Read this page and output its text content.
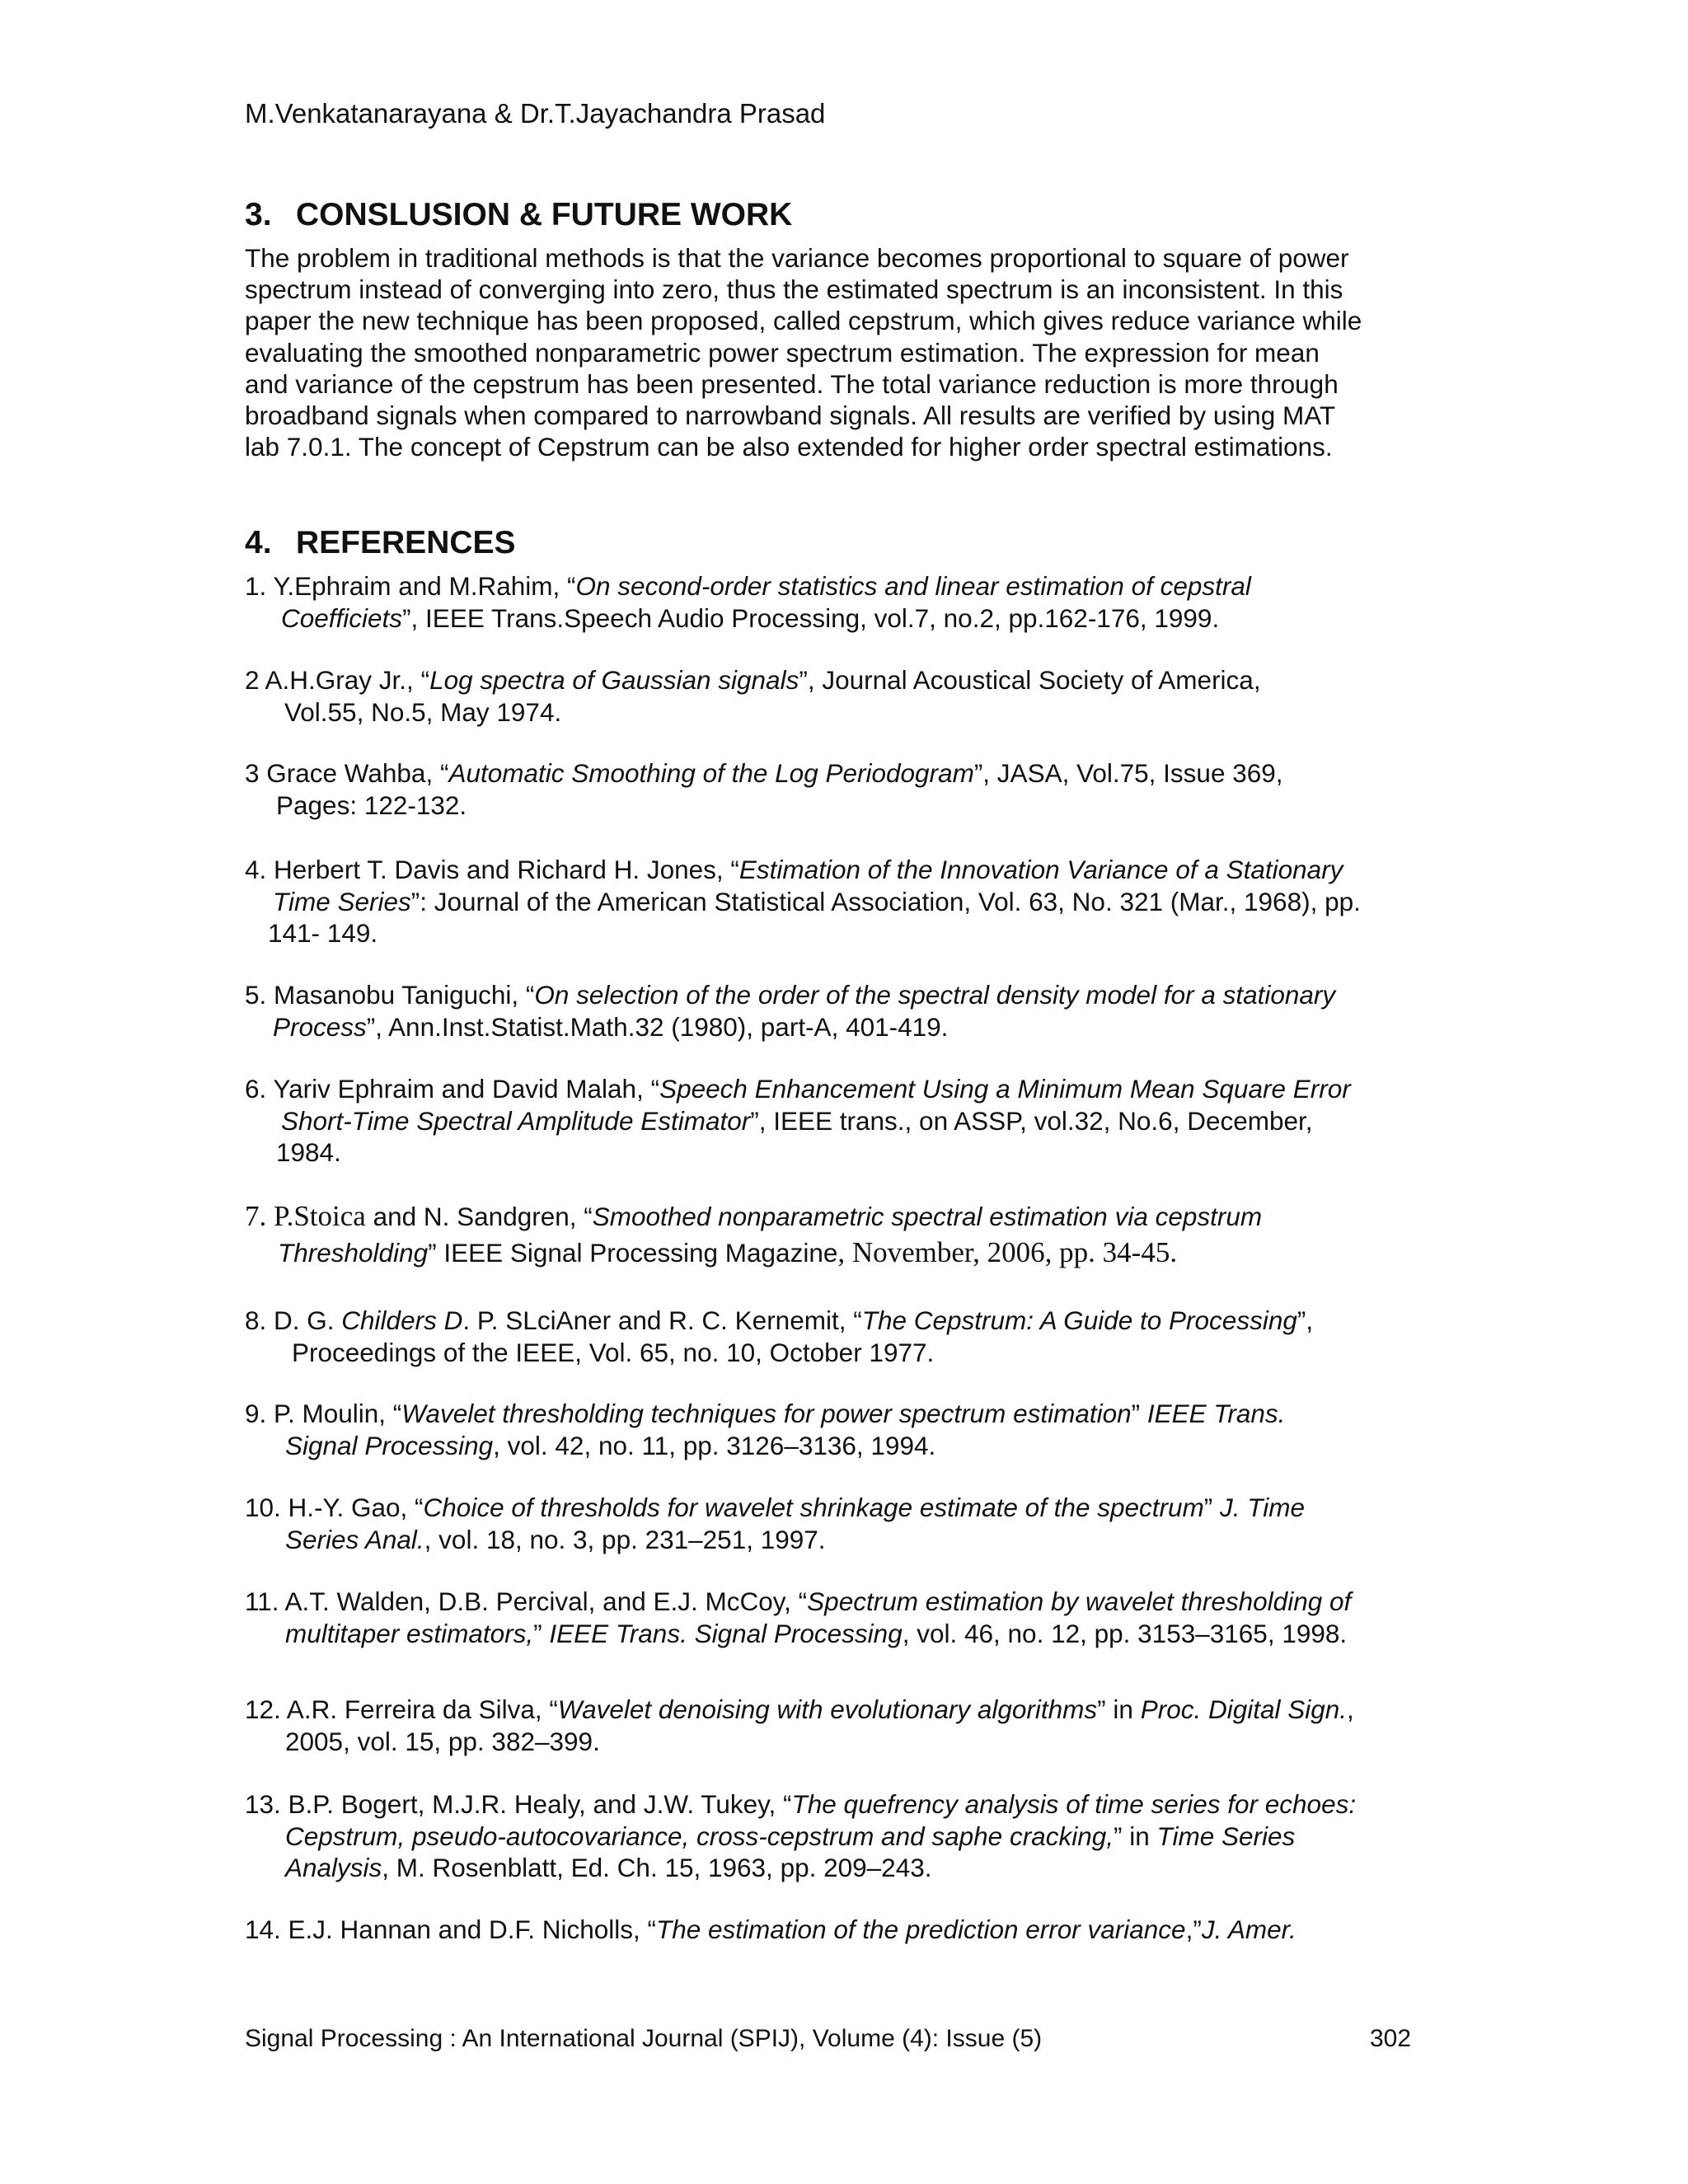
M.Venkatanarayana & Dr.T.Jayachandra Prasad
3. CONSLUSION & FUTURE WORK
The problem in traditional methods is that the variance becomes proportional to square of power
spectrum instead of converging into zero, thus the estimated spectrum is an inconsistent. In this
paper the new technique has been proposed, called cepstrum, which gives reduce variance while
evaluating the smoothed nonparametric power spectrum estimation. The expression for mean
and variance of the cepstrum has been presented. The total variance reduction is more through
broadband signals when compared to narrowband signals. All results are verified by using MAT
lab 7.0.1. The concept of Cepstrum can be also extended for higher order spectral estimations.
4. REFERENCES
1. Y.Ephraim and M.Rahim, “On second-order statistics and linear estimation of cepstral
Coefficiets”, IEEE Trans.Speech Audio Processing, vol.7, no.2, pp.162-176, 1999.
2 A.H.Gray Jr., “Log spectra of Gaussian signals”, Journal Acoustical Society of America,
Vol.55, No.5, May 1974.
3 Grace Wahba, “Automatic Smoothing of the Log Periodogram”, JASA, Vol.75, Issue 369,
Pages: 122-132.
4. Herbert T. Davis and Richard H. Jones, “Estimation of the Innovation Variance of a Stationary
Time Series”: Journal of the American Statistical Association, Vol. 63, No. 321 (Mar., 1968), pp.
141- 149.
5. Masanobu Taniguchi, “On selection of the order of the spectral density model for a stationary
Process”, Ann.Inst.Statist.Math.32 (1980), part-A, 401-419.
6. Yariv Ephraim and David Malah, “Speech Enhancement Using a Minimum Mean Square Error
Short-Time Spectral Amplitude Estimator”, IEEE trans., on ASSP, vol.32, No.6, December,
1984.
7. P.Stoica and N. Sandgren, “Smoothed nonparametric spectral estimation via cepstrum
Thresholding” IEEE Signal Processing Magazine, November, 2006, pp. 34-45.
8. D. G. Childers D. P. SLciAner and R. C. Kernemit, “The Cepstrum: A Guide to Processing”,
Proceedings of the IEEE, Vol. 65, no. 10, October 1977.
9. P. Moulin, “Wavelet thresholding techniques for power spectrum estimation” IEEE Trans.
Signal Processing, vol. 42, no. 11, pp. 3126–3136, 1994.
10. H.-Y. Gao, “Choice of thresholds for wavelet shrinkage estimate of the spectrum” J. Time
Series Anal., vol. 18, no. 3, pp. 231–251, 1997.
11. A.T. Walden, D.B. Percival, and E.J. McCoy, “Spectrum estimation by wavelet thresholding of
multitaper estimators,” IEEE Trans. Signal Processing, vol. 46, no. 12, pp. 3153–3165, 1998.
12. A.R. Ferreira da Silva, “Wavelet denoising with evolutionary algorithms” in Proc. Digital Sign.,
2005, vol. 15, pp. 382–399.
13. B.P. Bogert, M.J.R. Healy, and J.W. Tukey, “The quefrency analysis of time series for echoes:
Cepstrum, pseudo-autocovariance, cross-cepstrum and saphe cracking,” in Time Series
Analysis, M. Rosenblatt, Ed. Ch. 15, 1963, pp. 209–243.
14. E.J. Hannan and D.F. Nicholls, “The estimation of the prediction error variance,”J. Amer.
Signal Processing : An International Journal (SPIJ), Volume (4): Issue (5)	302
